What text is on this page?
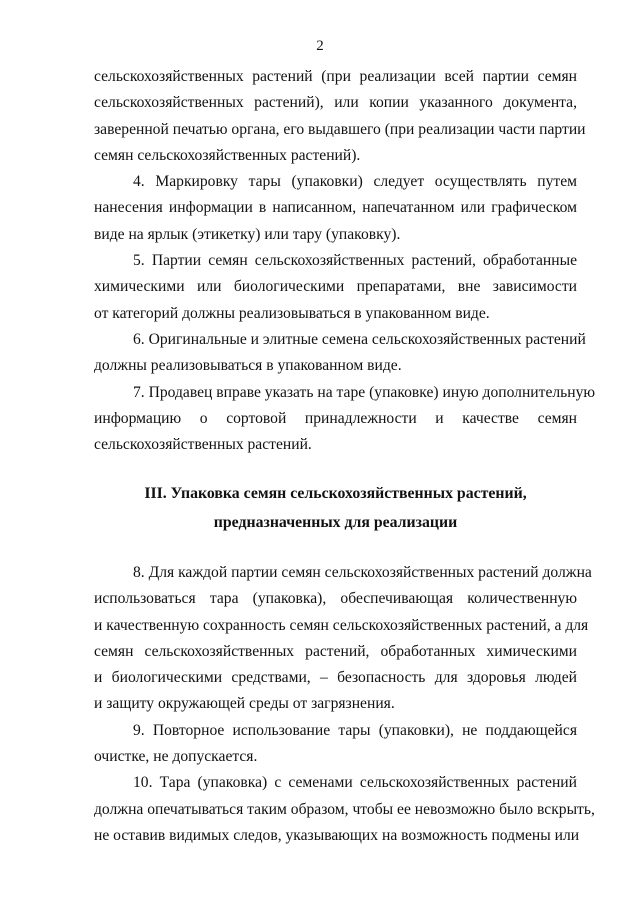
2
сельскохозяйственных растений (при реализации всей партии семян
сельскохозяйственных растений), или копии указанного документа,
заверенной печатью органа, его выдавшего (при реализации части партии
семян сельскохозяйственных растений).
4. Маркировку тары (упаковки) следует осуществлять путем
нанесения информации в написанном, напечатанном или графическом
виде на ярлык (этикетку) или тару (упаковку).
5. Партии семян сельскохозяйственных растений, обработанные
химическими или биологическими препаратами, вне зависимости
от категорий должны реализовываться в упакованном виде.
6. Оригинальные и элитные семена сельскохозяйственных растений
должны реализовываться в упакованном виде.
7. Продавец вправе указать на таре (упаковке) иную дополнительную
информацию о сортовой принадлежности и качестве семян
сельскохозяйственных растений.
III. Упаковка семян сельскохозяйственных растений,
предназначенных для реализации
8. Для каждой партии семян сельскохозяйственных растений должна
использоваться тара (упаковка), обеспечивающая количественную
и качественную сохранность семян сельскохозяйственных растений, а для
семян сельскохозяйственных растений, обработанных химическими
и биологическими средствами, – безопасность для здоровья людей
и защиту окружающей среды от загрязнения.
9. Повторное использование тары (упаковки), не поддающейся
очистке, не допускается.
10. Тара (упаковка) с семенами сельскохозяйственных растений
должна опечатываться таким образом, чтобы ее невозможно было вскрыть,
не оставив видимых следов, указывающих на возможность подмены или
